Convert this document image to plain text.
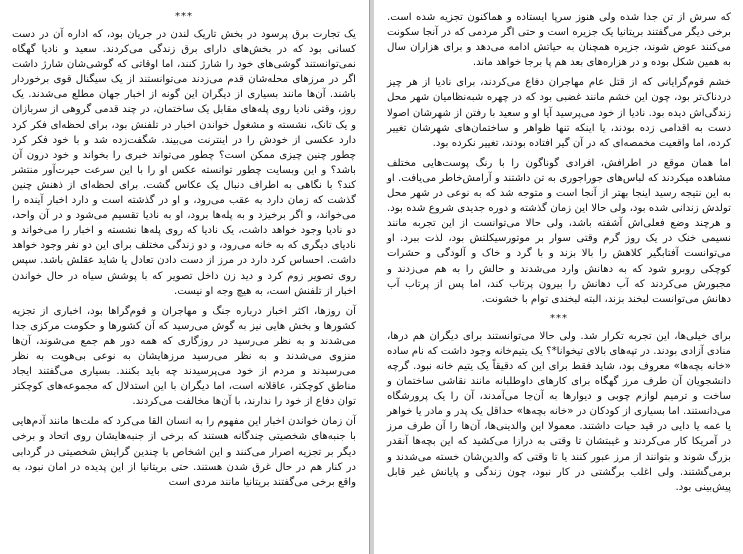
که سرش از تن جدا شده ولی هنوز سرپا ایستاده و هماکنون تجزیه شده است. برخی دیگر می‌گفتند بریتانیا یک جزیره است و حتی اگر مردمی که در آنجا سکونت می‌کنند عوض شوند، جزیره همچنان به حیاتش ادامه می‌دهد و برای هزاران سال به همین شکل بوده و در هزاره‌های بعد هم پا برجا خواهد ماند.

خشم قوم‌گرایانی که از قتل عام مهاجران دفاع می‌کردند، برای نادیا از هر چیز دردناک‌تر بود، چون این خشم مانند غضبی بود که در چهره شبه‌نظامیان شهر محل زندگی‌اش دیده بود. نادیا از خود می‌پرسید آیا او و سعید با رفتن از شهرشان اصولا دست به اقدامی زده بودند، یا اینکه تنها ظواهر و ساختمان‌های شهرشان تغییر کرده، اما واقعیت مخمصه‌ای که در آن گیر افتاده بودند، تغییر نکرده بود.

اما همان موقع در اطرافش، افرادی گوناگون را با رنگ پوست‌هایی مختلف مشاهده میکردند که لباس‌های جوراجوری به تن داشتند و آرامش‌خاطر می‌یافت. او به این نتیجه رسید اینجا بهتر از آنجا است و متوجه شد که به نوعی در شهر محل تولدش زندانی شده بود، ولی حالا این زمان گذشته و دوره جدیدی شروع شده بود. و هرچند وضع فعلی‌اش آشفته باشد، ولی حالا می‌توانست از این تجربه مانند نسیمی خنک در یک روز گرم وقتی سوار بر موتورسیکلتش بود، لذت ببرد. او می‌توانست آفتابگیر کلاهش را بالا بزند و با گرد و خاک و آلودگی و حشرات کوچکی روبرو شود که به دهانش وارد می‌شدند و حالش را به هم می‌زدند و مجبورش می‌کردند که آب دهانش را بیرون پرتاب کند، اما پس از پرتاب آب دهانش می‌توانست لبخند بزند، البته لبخندی توام با خشونت.

***

برای خیلی‌ها، این تجربه تکرار شد. ولی حالا می‌توانستند برای دیگران هم درها، منادی آزادی بودند. در تپه‌های بالای تیخوانا*؟ یک یتیم‌خانه وجود داشت که نام ساده «خانه بچه‌ها» معروف بود، شاید فقط برای این که دقیقاً یک یتیم خانه نبود. گرچه دانشجویان آن طرف مرز گهگاه برای کارهای داوطلبانه مانند نقاشی ساختمان و ساخت و ترمیم لوازم چوبی و دیوارها به آن‌جا می‌آمدند، آن را یک پرورشگاه می‌دانستند. اما بسیاری از کودکان در «خانه بچه‌ها» حداقل یک پدر و مادر یا خواهر یا عمه یا دایی در قید حیات داشتند. معمولا این والدینی‌ها، آن‌ها را آن طرف مرز در آمریکا کار می‌کردند و غیبتشان تا وقتی به درازا می‌کشید که این بچه‌ها آنقدر بزرگ شوند و بتوانند از مرز عبور کنند یا تا وقتی که والدین‌شان خسته می‌شدند و برمی‌گشتند. ولی اغلب برگشتی در کار نبود، چون زندگی و پایانش غیر قابل پیش‌بینی بود.

***

یک تجارت برق پرسود در بخش تاریک لندن در جریان بود، که اداره آن در دست کسانی بود که در بخش‌های دارای برق زندگی می‌کردند. سعید و نادیا گهگاه نمی‌توانستند گوشی‌های خود را شارژ کنند، اما اوقاتی که گوشی‌شان شارژ داشت اگر در مرزهای محله‌شان قدم می‌زدند می‌توانستند از یک سیگنال قوی برخوردار باشند. آن‌ها مانند بسیاری از دیگران این گونه از اخبار جهان مطلع می‌شدند. یک روز، وقتی نادیا روی پله‌های مقابل یک ساختمان، در چند قدمی گروهی از سربازان و یک تانک، نشسته و مشغول خواندن اخبار در تلفنش بود، برای لحظه‌ای فکر کرد دارد عکسی از خودش را در اینترنت می‌بیند. شگفت‌زده شد و با خود فکر کرد چطور چنین چیزی ممکن است؟ چطور می‌تواند خبری را بخواند و خود درون آن باشد؟ و این وبسایت چطور توانسته عکس او را با این سرعت حیرت‌آور منتشر کند؟ با نگاهی به اطراف دنبال یک عکاس گشت. برای لحظه‌ای از ذهنش چنین گذشت که زمان دارد به عقب می‌رود، و او در گذشته است و دارد اخبار آینده را می‌خواند، و اگر برخیزد و به پله‌ها برود، او به نادیا تقسیم می‌شود و در آن واحد، دو نادیا وجود خواهد داشت، یک نادیا که روی پله‌ها نشسته و اخبار را می‌خواند و نادیای دیگری که به خانه می‌رود، و دو زندگی مختلف برای این دو نفر وجود خواهد داشت. احساس کرد دارد در مرز از دست دادن تعادل یا شاید عقلش باشد. سپس روی تصویر زوم کرد و دید زن داخل تصویر که با پوشش سیاه در حال خواندن اخبار از تلفنش است، به هیچ وجه او نیست.

آن روزها، اکثر اخبار درباره جنگ و مهاجران و قوم‌گراها بود، اخباری از تجزیه کشورها و بخش هایی نیز به گوش می‌رسید که آن کشورها و حکومت مرکزی جدا می‌شدند و به نظر می‌رسید در روزگاری که همه دور هم جمع می‌شوند، آن‌ها منزوی می‌شدند و به نظر می‌رسید مرزهایشان به نوعی بی‌هویت به نظر می‌رسیدند و مردم از خود می‌پرسیدند چه باید بکنند. بسیاری می‌گفتند ایجاد مناطق کوچکتر، عاقلانه است، اما دیگران با این استدلال که مجموعه‌های کوچکتر توان دفاع از خود را ندارند، با آن‌ها مخالفت می‌کردند.

آن زمان خواندن اخبار این مفهوم را به انسان القا می‌کرد که ملت‌ها مانند آدم‌هایی با جنبه‌های شخصیتی چندگانه هستند که برخی از جنبه‌هایشان روی اتحاد و برخی دیگر بر تجزیه اصرار می‌کنند و این اشخاص با چندین گرایش شخصیتی در گردابی در کنار هم در حال غرق شدن هستند. حتی بریتانیا از این پدیده در امان نبود، به واقع برخی می‌گفتند بریتانیا مانند مردی است
